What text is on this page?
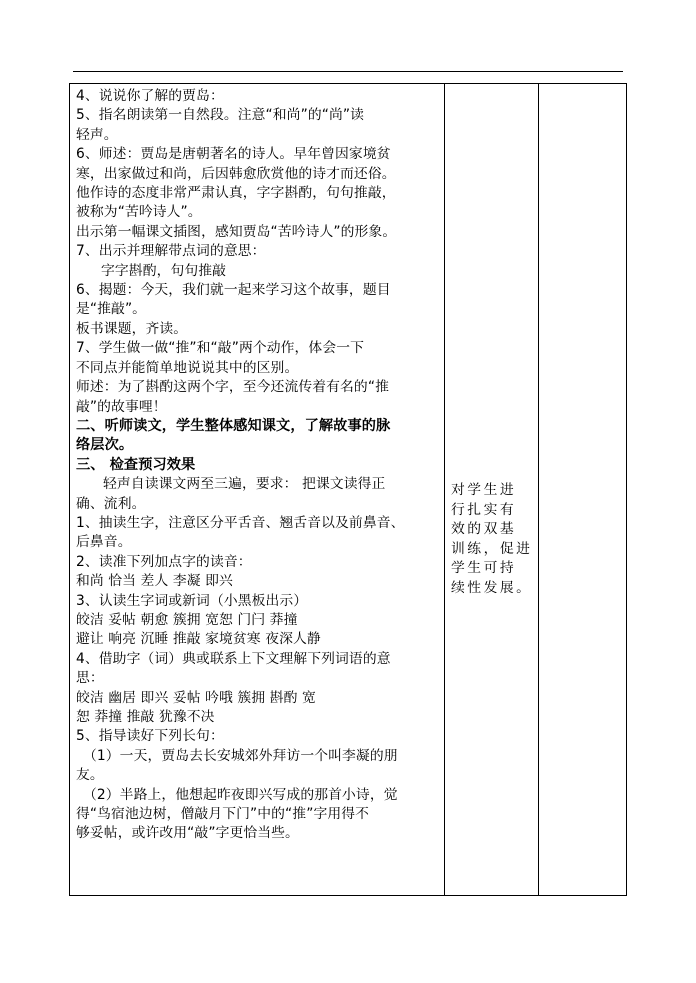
4、说说你了解的贾岛：
5、指名朗读第一自然段。注意“和尚”的“尚”读
轻声。
6、师述：贾岛是唐朝著名的诗人。早年曾因家境贫
寒，出家做过和尚，后因韩愈欣赏他的诗才而还俗。
他作诗的态度非常严肃认真，字字斟酌，句句推敲，
被称为“苦吟诗人”。
出示第一幅课文插图，感知贾岛“苦吟诗人”的形象。
7、出示并理解带点词的意思：
字字斟酌，句句推敲
6、揭题：今天，我们就一起来学习这个故事，题目
是“推敲”。
板书课题，齐读。
7、学生做一做“推”和“敲”两个动作，体会一下
不同点并能简单地说说其中的区别。
师述：为了斟酌这两个字，至今还流传着有名的“推
敲”的故事哩！
二、听师读文，学生整体感知课文，了解故事的脉
络层次。
三、 检查预习效果
轻声自读课文两至三遍，要求： 把课文读得正
确、流利。
1、抽读生字，注意区分平舌音、翘舌音以及前鼻音、
后鼻音。
2、读准下列加点字的读音：
和尚 恰当 差人 李凝 即兴
3、认读生字词或新词（小黑板出示）
皎洁 妥帖 朝愈 簇拥 宽恕 门闩 莽撞
避让 响亮 沉睡 推敲 家境贫寒 夜深人静
4、借助字（词）典或联系上下文理解下列词语的意
思：
皎洁 幽居 即兴 妥帖 吟哦 簇拥 斟酌 宽
恕 莽撞 推敲 犹豫不决
5、指导读好下列长句：
（1）一天，贾岛去长安城郊外拜访一个叫李凝的朋
友。
（2）半路上，他想起昨夜即兴写成的那首小诗，觉
得“鸟宿池边树，僧敲月下门”中的“推”字用得不
够妥帖，或许改用“敲”字更恰当些。
对学生进
行扎实有
效的双基
训练，促进
学生可持
续性发展。
